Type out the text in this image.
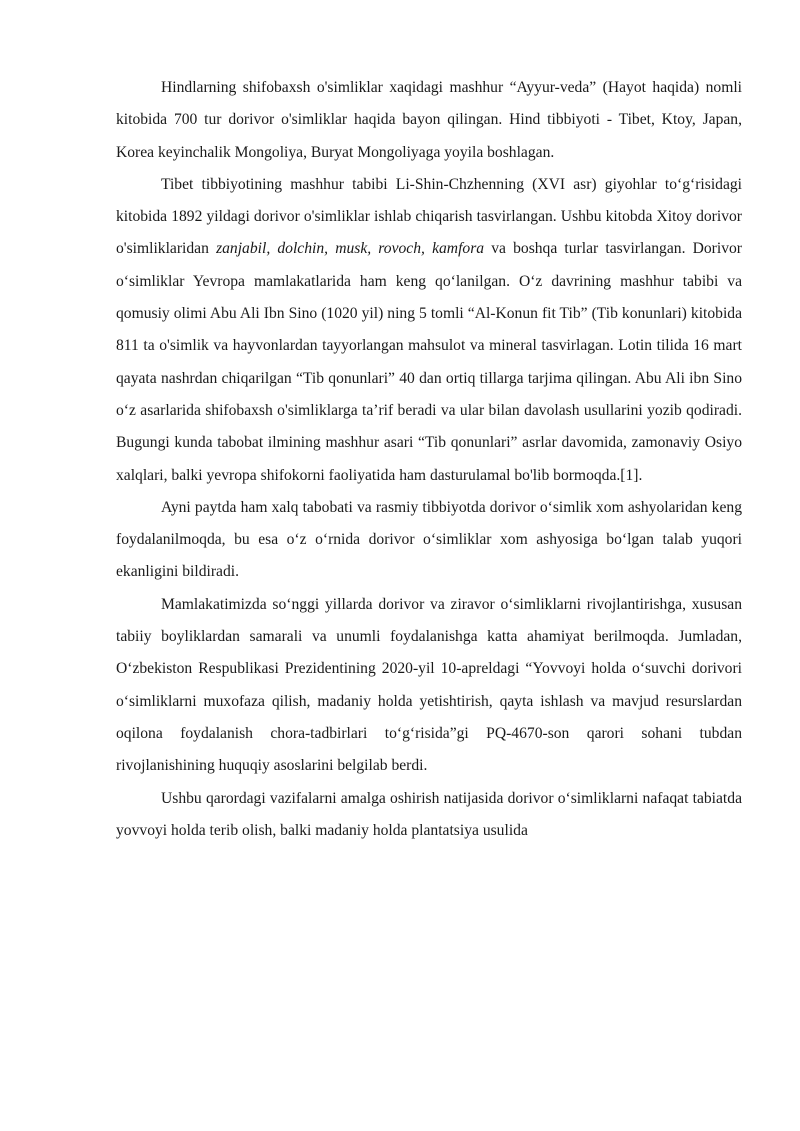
Hindlarning shifobaxsh o'simliklar xaqidagi mashhur “Ayyur-veda” (Hayot haqida) nomli kitobida 700 tur dorivor o'simliklar haqida bayon qilingan. Hind tibbiyoti - Tibet, Ktoy, Japan, Korea keyinchalik Mongoliya, Buryat Mongoliyaga yoyila boshlagan.

Tibet tibbiyotining mashhur tabibi Li-Shin-Chzhenning (XVI asr) giyohlar to‘g‘risidagi kitobida 1892 yildagi dorivor o'simliklar ishlab chiqarish tasvirlangan. Ushbu kitobda Xitoy dorivor o'simliklaridan zanjabil, dolchin, musk, rovoch, kamfora va boshqa turlar tasvirlangan. Dorivor o‘simliklar Yevropa mamlakatlarida ham keng qo‘lanilgan. O‘z davrining mashhur tabibi va qomusiy olimi Abu Ali Ibn Sino (1020 yil) ning 5 tomli “Al-Konun fit Tib” (Tib konunlari) kitobida 811 ta o'simlik va hayvonlardan tayyorlangan mahsulot va mineral tasvirlagan. Lotin tilida 16 mart qayata nashrdan chiqarilgan “Tib qonunlari” 40 dan ortiq tillarga tarjima qilingan. Abu Ali ibn Sino o‘z asarlarida shifobaxsh o'simliklarga ta’rif beradi va ular bilan davolash usullarini yozib qodiradi. Bugungi kunda tabobat ilmining mashhur asari “Tib qonunlari” asrlar davomida, zamonaviy Osiyo xalqlari, balki yevropa shifokorni faoliyatida ham dasturulamal bo'lib bormoqda.[1].

Ayni paytda ham xalq tabobati va rasmiy tibbiyotda dorivor o‘simlik xom ashyolaridan keng foydalanilmoqda, bu esa o‘z o‘rnida dorivor o‘simliklar xom ashyosiga bo‘lgan talab yuqori ekanligini bildiradi.

Mamlakatimizda so‘nggi yillarda dorivor va ziravor o‘simliklarni rivojlantirishga, xususan tabiiy boyliklardan samarali va unumli foydalanishga katta ahamiyat berilmoqda. Jumladan, O‘zbekiston Respublikasi Prezidentining 2020-yil 10-apreldagi “Yovvoyi holda o‘suvchi dorivori o‘simliklarni muxofaza qilish, madaniy holda yetishtirish, qayta ishlash va mavjud resurslardan oqilona foydalanish chora-tadbirlari to‘g‘risida”gi PQ-4670-son qarori sohani tubdan rivojlanishining huquqiy asoslarini belgilab berdi.

Ushbu qarordagi vazifalarni amalga oshirish natijasida dorivor o‘simliklarni nafaqat tabiatda yovvoyi holda terib olish, balki madaniy holda plantatsiya usulida
